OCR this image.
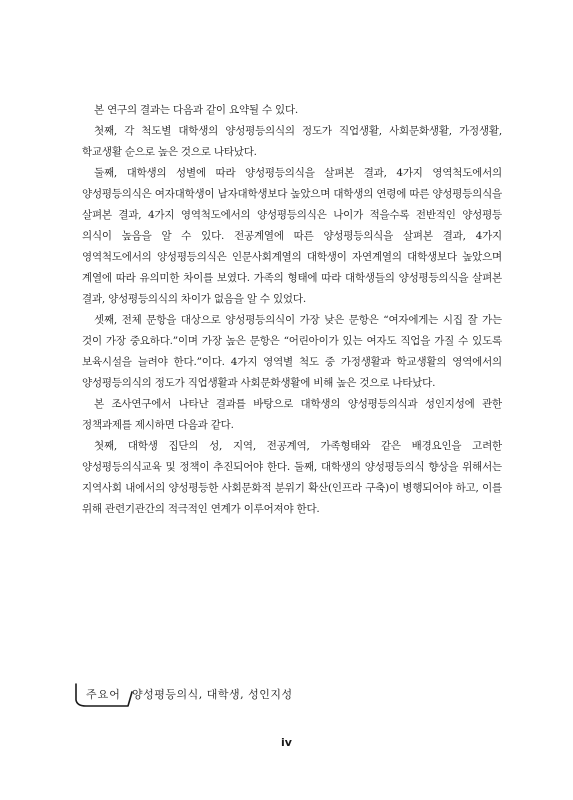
본 연구의 결과는 다음과 같이 요약될 수 있다.

첫째, 각 척도별 대학생의 양성평등의식의 정도가 직업생활, 사회문화생활, 가정생활, 학교생활 순으로 높은 것으로 나타났다.

둘째, 대학생의 성별에 따라 양성평등의식을 살펴본 결과, 4가지 영역척도에서의 양성평등의식은 여자대학생이 남자대학생보다 높았으며 대학생의 연령에 따른 양성평등의식을 살펴본 결과, 4가지 영역척도에서의 양성평등의식은 나이가 적을수록 전반적인 양성평등 의식이 높음을 알 수 있다. 전공계열에 따른 양성평등의식을 살펴본 결과, 4가지 영역척도에서의 양성평등의식은 인문사회계열의 대학생이 자연계열의 대학생보다 높았으며 계열에 따라 유의미한 차이를 보였다. 가족의 형태에 따라 대학생들의 양성평등의식을 살펴본 결과, 양성평등의식의 차이가 없음을 알 수 있었다.

셋째, 전체 문항을 대상으로 양성평등의식이 가장 낮은 문항은 “여자에게는 시집 잘 가는 것이 가장 중요하다.”이며 가장 높은 문항은 “어린아이가 있는 여자도 직업을 가질 수 있도록 보육시설을 늘려야 한다.”이다. 4가지 영역별 척도 중 가정생활과 학교생활의 영역에서의 양성평등의식의 정도가 직업생활과 사회문화생활에 비해 높은 것으로 나타났다.

본 조사연구에서 나타난 결과를 바탕으로 대학생의 양성평등의식과 성인지성에 관한 정책과제를 제시하면 다음과 같다.

첫째, 대학생 집단의 성, 지역, 전공계역, 가족형태와 같은 배경요인을 고려한 양성평등의식교육 및 정책이 추진되어야 한다. 둘째, 대학생의 양성평등의식 향상을 위해서는 지역사회 내에서의 양성평등한 사회문화적 분위기 확산(인프라 구축)이 병행되어야 하고, 이를 위해 관련기관간의 적극적인 연계가 이루어져야 한다.

주요어 양성평등의식, 대학생, 성인지성
iv
